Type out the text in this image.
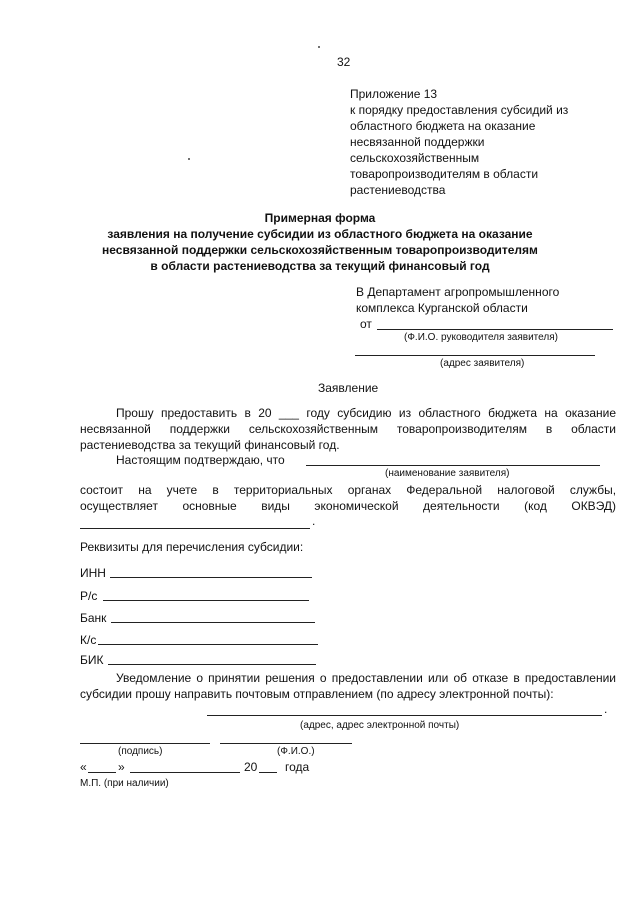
32
Приложение 13
к порядку предоставления субсидий из
областного бюджета на оказание
несвязанной поддержки
сельскохозяйственным
товаропроизводителям в области
растениеводства
Примерная форма
заявления на получение субсидии из областного бюджета на оказание несвязанной поддержки сельскохозяйственным товаропроизводителям в области растениеводства за текущий финансовый год
В Департамент агропромышленного комплекса Курганской области
от
(Ф.И.О. руководителя заявителя)
(адрес заявителя)
Заявление
Прошу предоставить в 20 ___ году субсидию из областного бюджета на оказание несвязанной поддержки сельскохозяйственным товаропроизводителям в области растениеводства за текущий финансовый год.
Настоящим подтверждаю, что
(наименование заявителя)
состоит на учете в территориальных органах Федеральной налоговой службы,
осуществляет основные виды экономической деятельности (код ОКВЭД)
.
Реквизиты для перечисления субсидии:
ИНН
Р/с
Банк
К/с
БИК
Уведомление о принятии решения о предоставлении или об отказе в предоставлении субсидии прошу направить почтовым отправлением (по адресу электронной почты):
.
(адрес, адрес электронной почты)
(подпись)	(Ф.И.О.)
«	»	20 года
М.П. (при наличии)
